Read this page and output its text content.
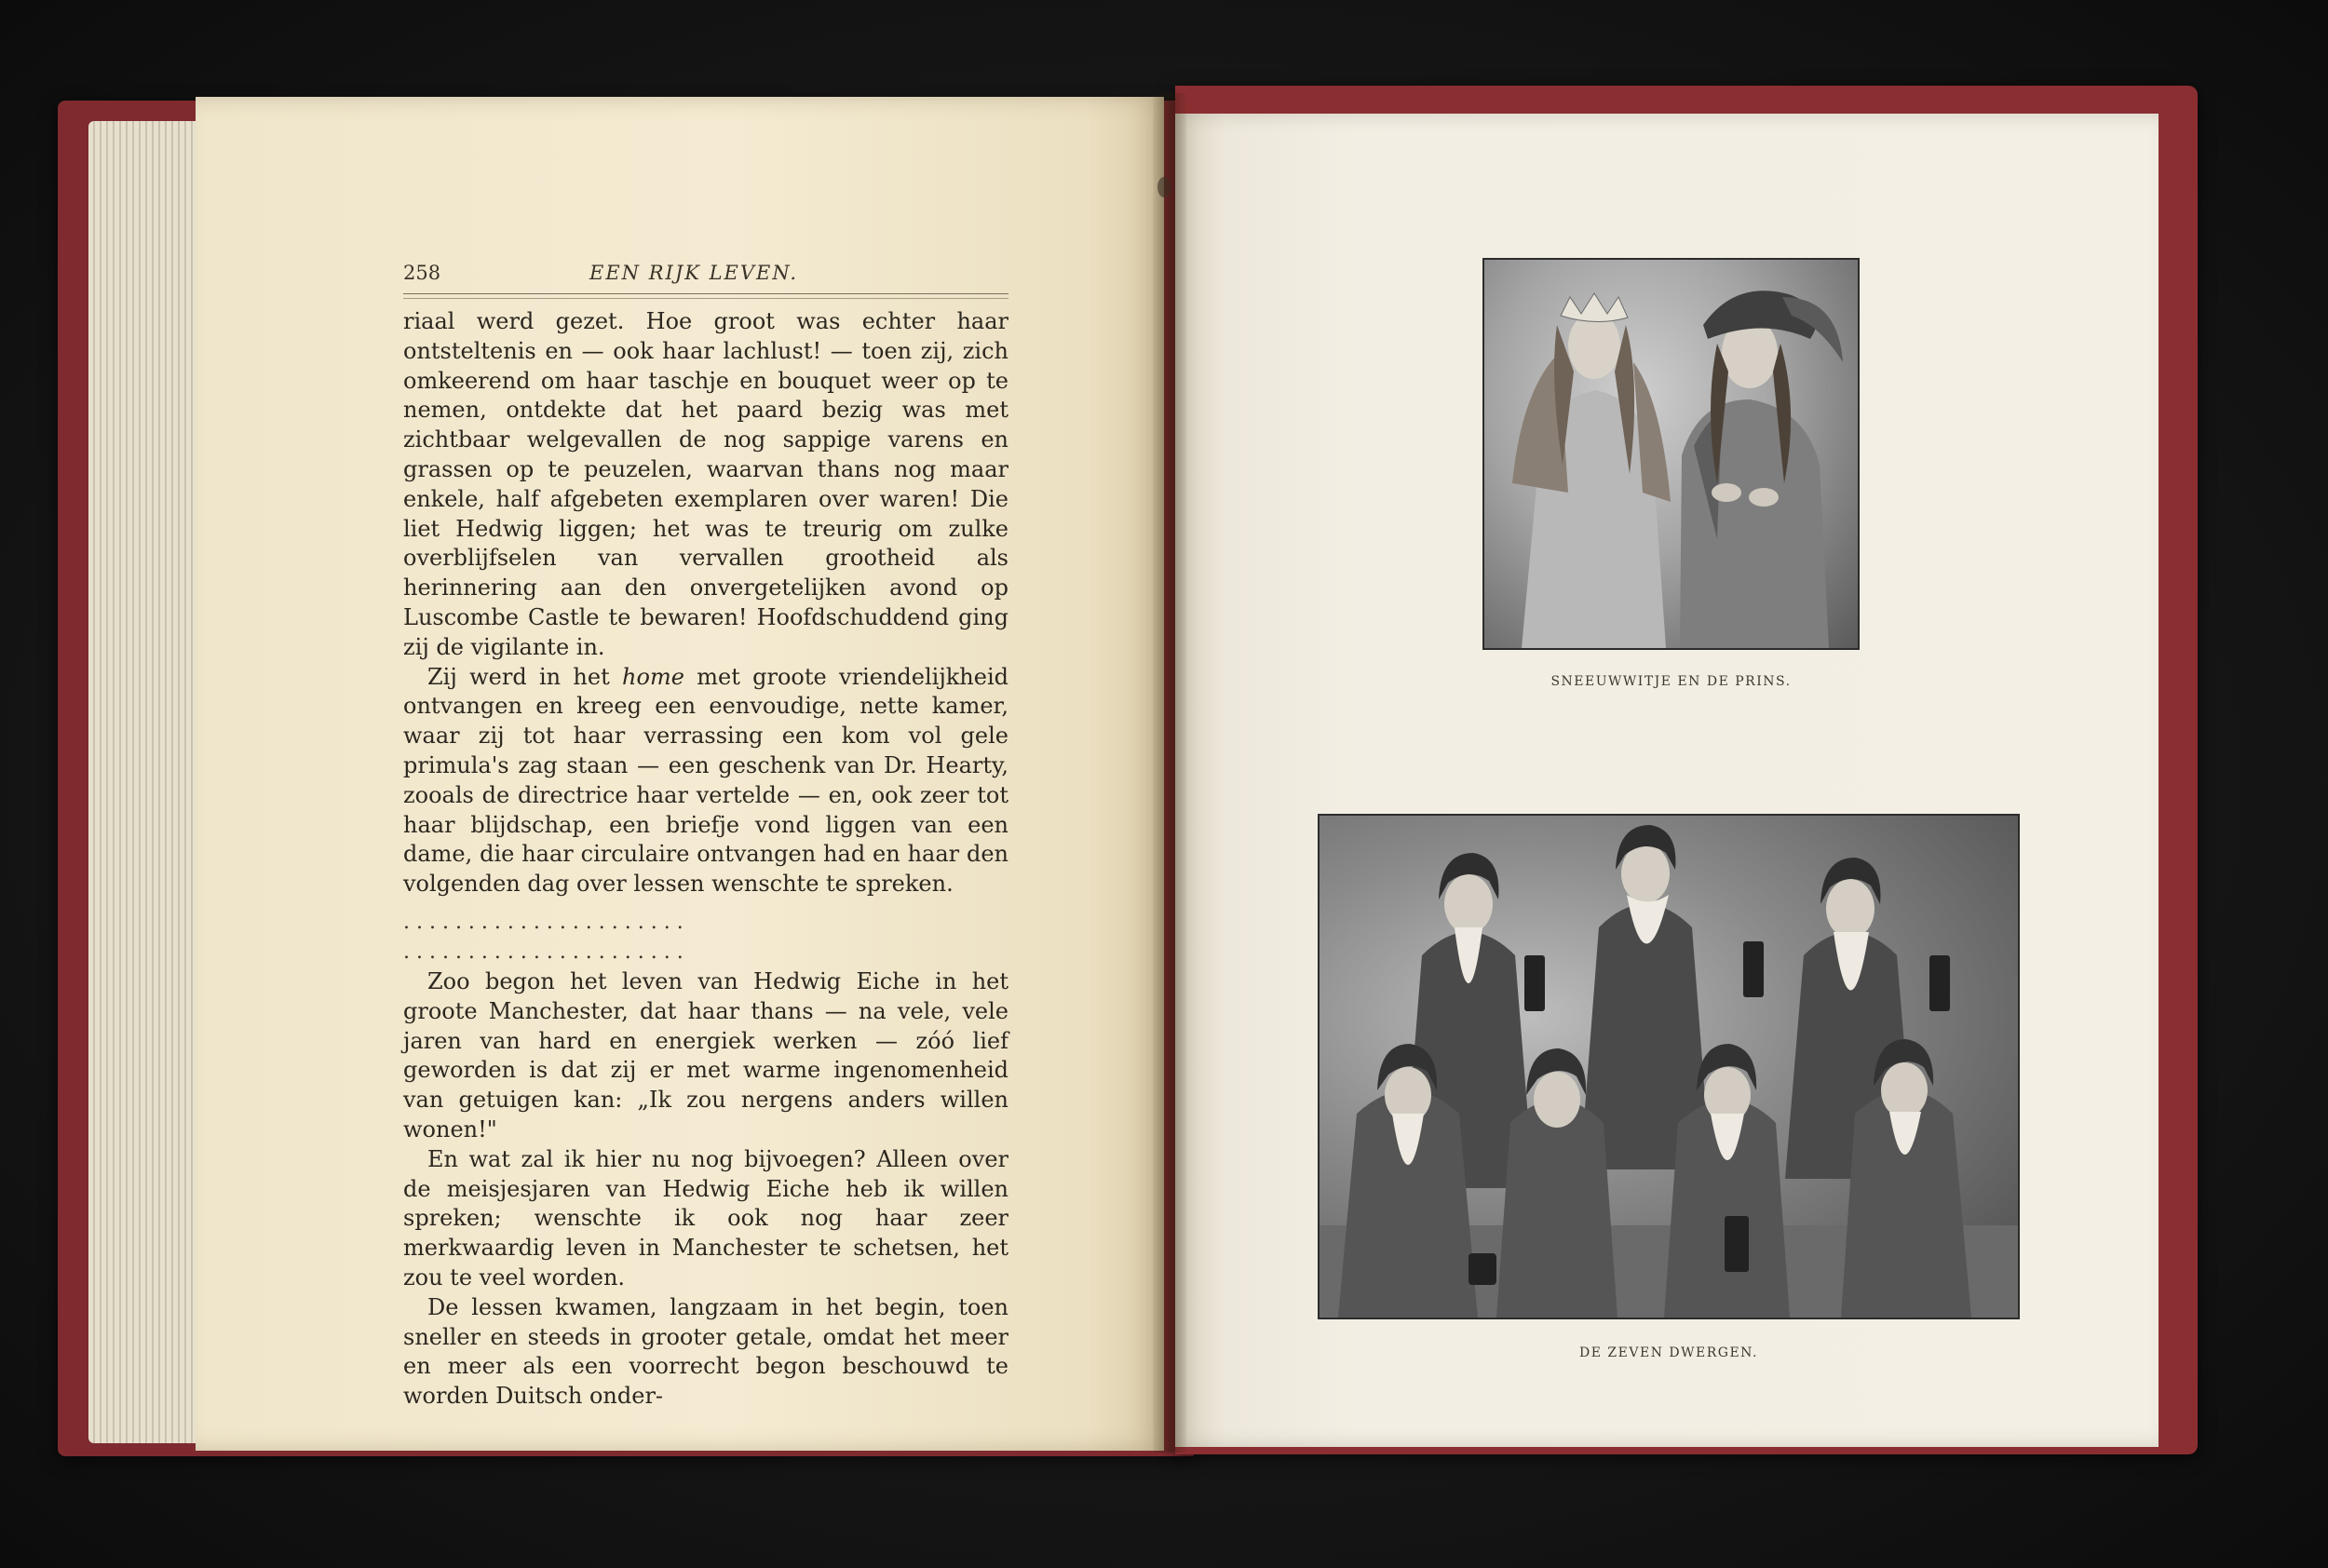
258	EEN RIJK LEVEN.

riaal werd gezet. Hoe groot was echter haar ontsteltenis en — ook haar lachlust! — toen zij, zich omkeerend om haar taschje en bouquet weer op te nemen, ontdekte dat het paard bezig was met zichtbaar welgevallen de nog sappige varens en grassen op te peuzelen, waarvan thans nog maar enkele, half afgebeten exemplaren over waren! Die liet Hedwig liggen; het was te treurig om zulke overblijfselen van vervallen grootheid als herinnering aan den onvergetelijken avond op Luscombe Castle te bewaren! Hoofdschuddend ging zij de vigilante in.

Zij werd in het home met groote vriendelijkheid ontvangen en kreeg een eenvoudige, nette kamer, waar zij tot haar verrassing een kom vol gele primula's zag staan — een geschenk van Dr. Hearty, zooals de directrice haar vertelde — en, ook zeer tot haar blijdschap, een briefje vond liggen van een dame, die haar circulaire ontvangen had en haar den volgenden dag over lessen wenschte te spreken.

. . . . . . . . . . . . . . . . . . . . . .
. . . . . . . . . . . . . . . . . . . . . .

Zoo begon het leven van Hedwig Eiche in het groote Manchester, dat haar thans — na vele, vele jaren van hard en energiek werken — zóó lief geworden is dat zij er met warme ingenomenheid van getuigen kan: „Ik zou nergens anders willen wonen!"

En wat zal ik hier nu nog bijvoegen? Alleen over de meisjesjaren van Hedwig Eiche heb ik willen spreken; wenschte ik ook nog haar zeer merkwaardig leven in Manchester te schetsen, het zou te veel worden.

De lessen kwamen, langzaam in het begin, toen sneller en steeds in grooter getale, omdat het meer en meer als een voorrecht begon beschouwd te worden Duitsch onder-

SNEEUWWITJE EN DE PRINS.
DE ZEVEN DWERGEN.
